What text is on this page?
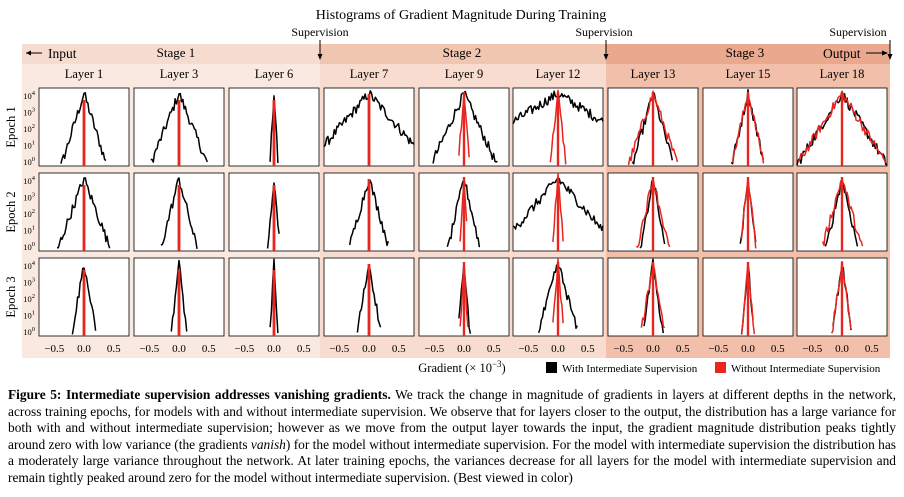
Histograms of Gradient Magnitude During Training
Stage 1	Stage 2	Stage 3
Input	Output
Supervision	Supervision	Supervision
Layer 1	Layer 3	Layer 6	Layer 7	Layer 9	Layer 12	Layer 13	Layer 15	Layer 18
Epoch 1
Epoch 2
Epoch 3
$10^4$
$10^3$
$10^2$
$10^1$
$10^0$
$10^4$
$10^3$
$10^2$
$10^1$
$10^0$
$10^4$
$10^3$
$10^2$
$10^1$
$10^0$
−0.5 0.0 0.5 −0.5 0.0 0.5 −0.5 0.0 0.5 −0.5 0.0 0.5 −0.5 0.0 0.5 −0.5 0.0 0.5 −0.5 0.0 0.5 −0.5 0.0 0.5 −0.5 0.0 0.5
Gradient (× $10^{-3}$)	With Intermediate Supervision	Without Intermediate Supervision
Figure 5: Intermediate supervision addresses vanishing gradients. We track the change in magnitude of gradients in layers at different depths in the network, across training epochs, for models with and without intermediate supervision. We observe that for layers closer to the output, the distribution has a large variance for both with and without intermediate supervision; however as we move from the output layer towards the input, the gradient magnitude distribution peaks tightly around zero with low variance (the gradients vanish) for the model without intermediate supervision. For the model with intermediate supervision the distribution has a moderately large variance throughout the network. At later training epochs, the variances decrease for all layers for the model with intermediate supervision and remain tightly peaked around zero for the model without intermediate supervision. (Best viewed in color)
